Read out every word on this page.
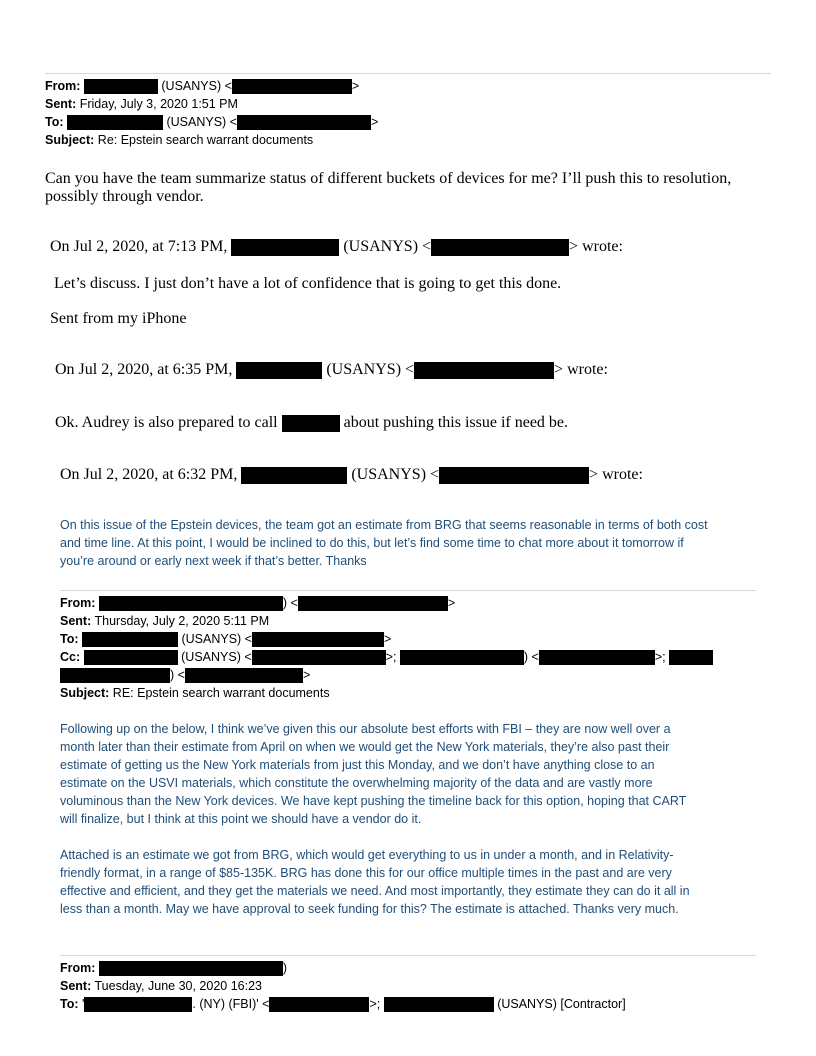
From:	(USANYS) <	>
Sent: Friday, July 3, 2020 1:51 PM
To:	(USANYS) <	>
Subject: Re: Epstein search warrant documents
Can you have the team summarize status of different buckets of devices for me? I’ll push this to resolution,
possibly through vendor.
On Jul 2, 2020, at 7:13 PM,	(USANYS) <	> wrote:
Let’s discuss. I just don’t have a lot of confidence that is going to get this done.
Sent from my iPhone
On Jul 2, 2020, at 6:35 PM,	(USANYS) <	> wrote:
Ok. Audrey is also prepared to call	about pushing this issue if need be.
On Jul 2, 2020, at 6:32 PM,	(USANYS) <	> wrote:
On this issue of the Epstein devices, the team got an estimate from BRG that seems reasonable in terms of both cost
and time line. At this point, I would be inclined to do this, but let’s find some time to chat more about it tomorrow if
you’re around or early next week if that’s better. Thanks
From:	) <	>
Sent: Thursday, July 2, 2020 5:11 PM
To:	(USANYS) <	>
Cc:	(USANYS) <	>;	) <	>;
) <	>
Subject: RE: Epstein search warrant documents
Following up on the below, I think we’ve given this our absolute best efforts with FBI – they are now well over a
month later than their estimate from April on when we would get the New York materials, they’re also past their
estimate of getting us the New York materials from just this Monday, and we don’t have anything close to an
estimate on the USVI materials, which constitute the overwhelming majority of the data and are vastly more
voluminous than the New York devices. We have kept pushing the timeline back for this option, hoping that CART
will finalize, but I think at this point we should have a vendor do it.
Attached is an estimate we got from BRG, which would get everything to us in under a month, and in Relativity-
friendly format, in a range of $85-135K. BRG has done this for our office multiple times in the past and are very
effective and efficient, and they get the materials we need. And most importantly, they estimate they can do it all in
less than a month. May we have approval to seek funding for this? The estimate is attached. Thanks very much.
From:	)
Sent: Tuesday, June 30, 2020 16:23
To: '	. (NY) (FBI)' <	>;	(USANYS) [Contractor]
